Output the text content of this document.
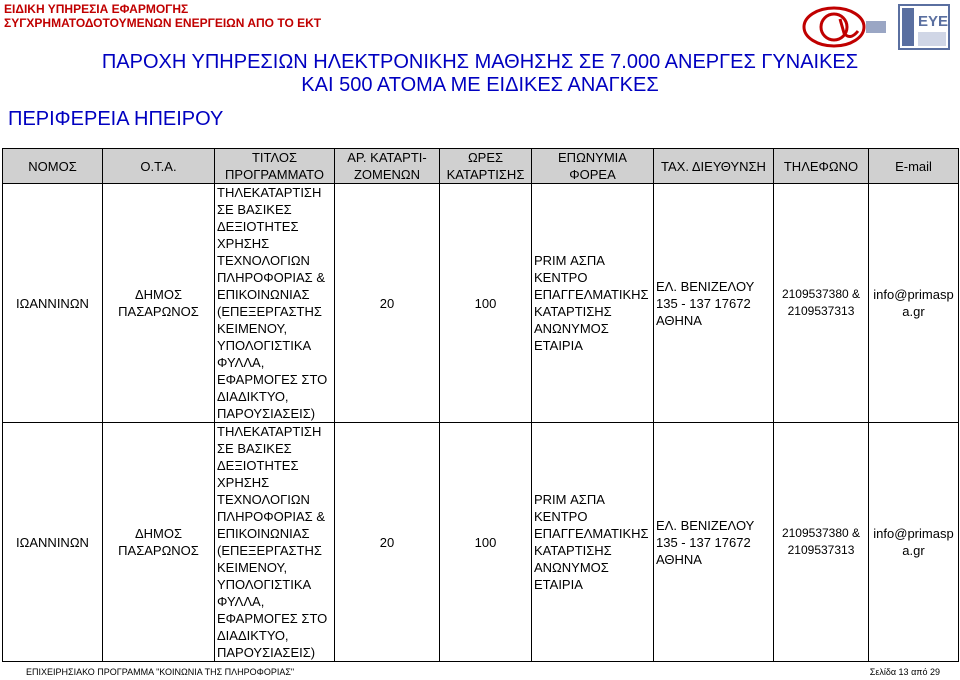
ΕΙΔΙΚΗ ΥΠΗΡΕΣΙΑ ΕΦΑΡΜΟΓΗΣ
ΣΥΓΧΡΗΜΑΤΟΔΟΤΟΥΜΕΝΩΝ ΕΝΕΡΓΕΙΩΝ ΑΠΟ ΤΟ ΕΚΤ	ΕΥΕ
ΠΑΡΟΧΗ ΥΠΗΡΕΣΙΩΝ ΗΛΕΚΤΡΟΝΙΚΗΣ ΜΑΘΗΣΗΣ ΣΕ 7.000 ΑΝΕΡΓΕΣ ΓΥΝΑΙΚΕΣ
ΚΑΙ 500 ΑΤΟΜΑ ΜΕ ΕΙΔΙΚΕΣ ΑΝΑΓΚΕΣ
ΠΕΡΙΦΕΡΕΙΑ ΗΠΕΙΡΟΥ
ΝΟΜΟΣ	Ο.Τ.Α.	ΤΙΤΛΟΣ ΠΡΟΓΡΑΜΜΑΤΟ	ΑΡ. ΚΑΤΑΡΤΙ- ΖΟΜΕΝΩΝ	ΩΡΕΣ ΚΑΤΑΡΤΙΣΗΣ	ΕΠΩΝΥΜΙΑ ΦΟΡΕΑ	ΤΑΧ. ΔΙΕΥΘΥΝΣΗ	ΤΗΛΕΦΩΝΟ	E-mail
ΙΩΑΝΝΙΝΩΝ	ΔΗΜΟΣ ΠΑΣΑΡΩΝΟΣ	ΤΗΛΕΚΑΤΑΡΤΙΣΗ ΣΕ ΒΑΣΙΚΕΣ ΔΕΞΙΟΤΗΤΕΣ ΧΡΗΣΗΣ ΤΕΧΝΟΛΟΓΙΩΝ ΠΛΗΡΟΦΟΡΙΑΣ & ΕΠΙΚΟΙΝΩΝΙΑΣ (ΕΠΕΞΕΡΓΑΣΤΗΣ ΚΕΙΜΕΝΟΥ, ΥΠΟΛΟΓΙΣΤΙΚΑ ΦΥΛΛΑ, ΕΦΑΡΜΟΓΕΣ ΣΤΟ ΔΙΑΔΙΚΤΥΟ, ΠΑΡΟΥΣΙΑΣΕΙΣ)	20	100	PRIM ΑΣΠΑ ΚΕΝΤΡΟ ΕΠΑΓΓΕΛΜΑΤΙΚΗΣ ΚΑΤΑΡΤΙΣΗΣ ΑΝΩΝΥΜΟΣ ΕΤΑΙΡΙΑ	ΕΛ. ΒΕΝΙΖΕΛΟΥ 135 - 137 17672 ΑΘΗΝΑ	2109537380 & 2109537313	info@primasp a.gr
ΙΩΑΝΝΙΝΩΝ	ΔΗΜΟΣ ΠΑΣΑΡΩΝΟΣ	ΤΗΛΕΚΑΤΑΡΤΙΣΗ ΣΕ ΒΑΣΙΚΕΣ ΔΕΞΙΟΤΗΤΕΣ ΧΡΗΣΗΣ ΤΕΧΝΟΛΟΓΙΩΝ ΠΛΗΡΟΦΟΡΙΑΣ & ΕΠΙΚΟΙΝΩΝΙΑΣ (ΕΠΕΞΕΡΓΑΣΤΗΣ ΚΕΙΜΕΝΟΥ, ΥΠΟΛΟΓΙΣΤΙΚΑ ΦΥΛΛΑ, ΕΦΑΡΜΟΓΕΣ ΣΤΟ ΔΙΑΔΙΚΤΥΟ, ΠΑΡΟΥΣΙΑΣΕΙΣ)	20	100	PRIM ΑΣΠΑ ΚΕΝΤΡΟ ΕΠΑΓΓΕΛΜΑΤΙΚΗΣ ΚΑΤΑΡΤΙΣΗΣ ΑΝΩΝΥΜΟΣ ΕΤΑΙΡΙΑ	ΕΛ. ΒΕΝΙΖΕΛΟΥ 135 - 137 17672 ΑΘΗΝΑ	2109537380 & 2109537313	info@primasp a.gr
ΕΠΙΧΕΙΡΗΣΙΑΚΟ ΠΡΟΓΡΑΜΜΑ "ΚΟΙΝΩΝΙΑ ΤΗΣ ΠΛΗΡΟΦΟΡΙΑΣ"	Σελίδα 13 από 29
